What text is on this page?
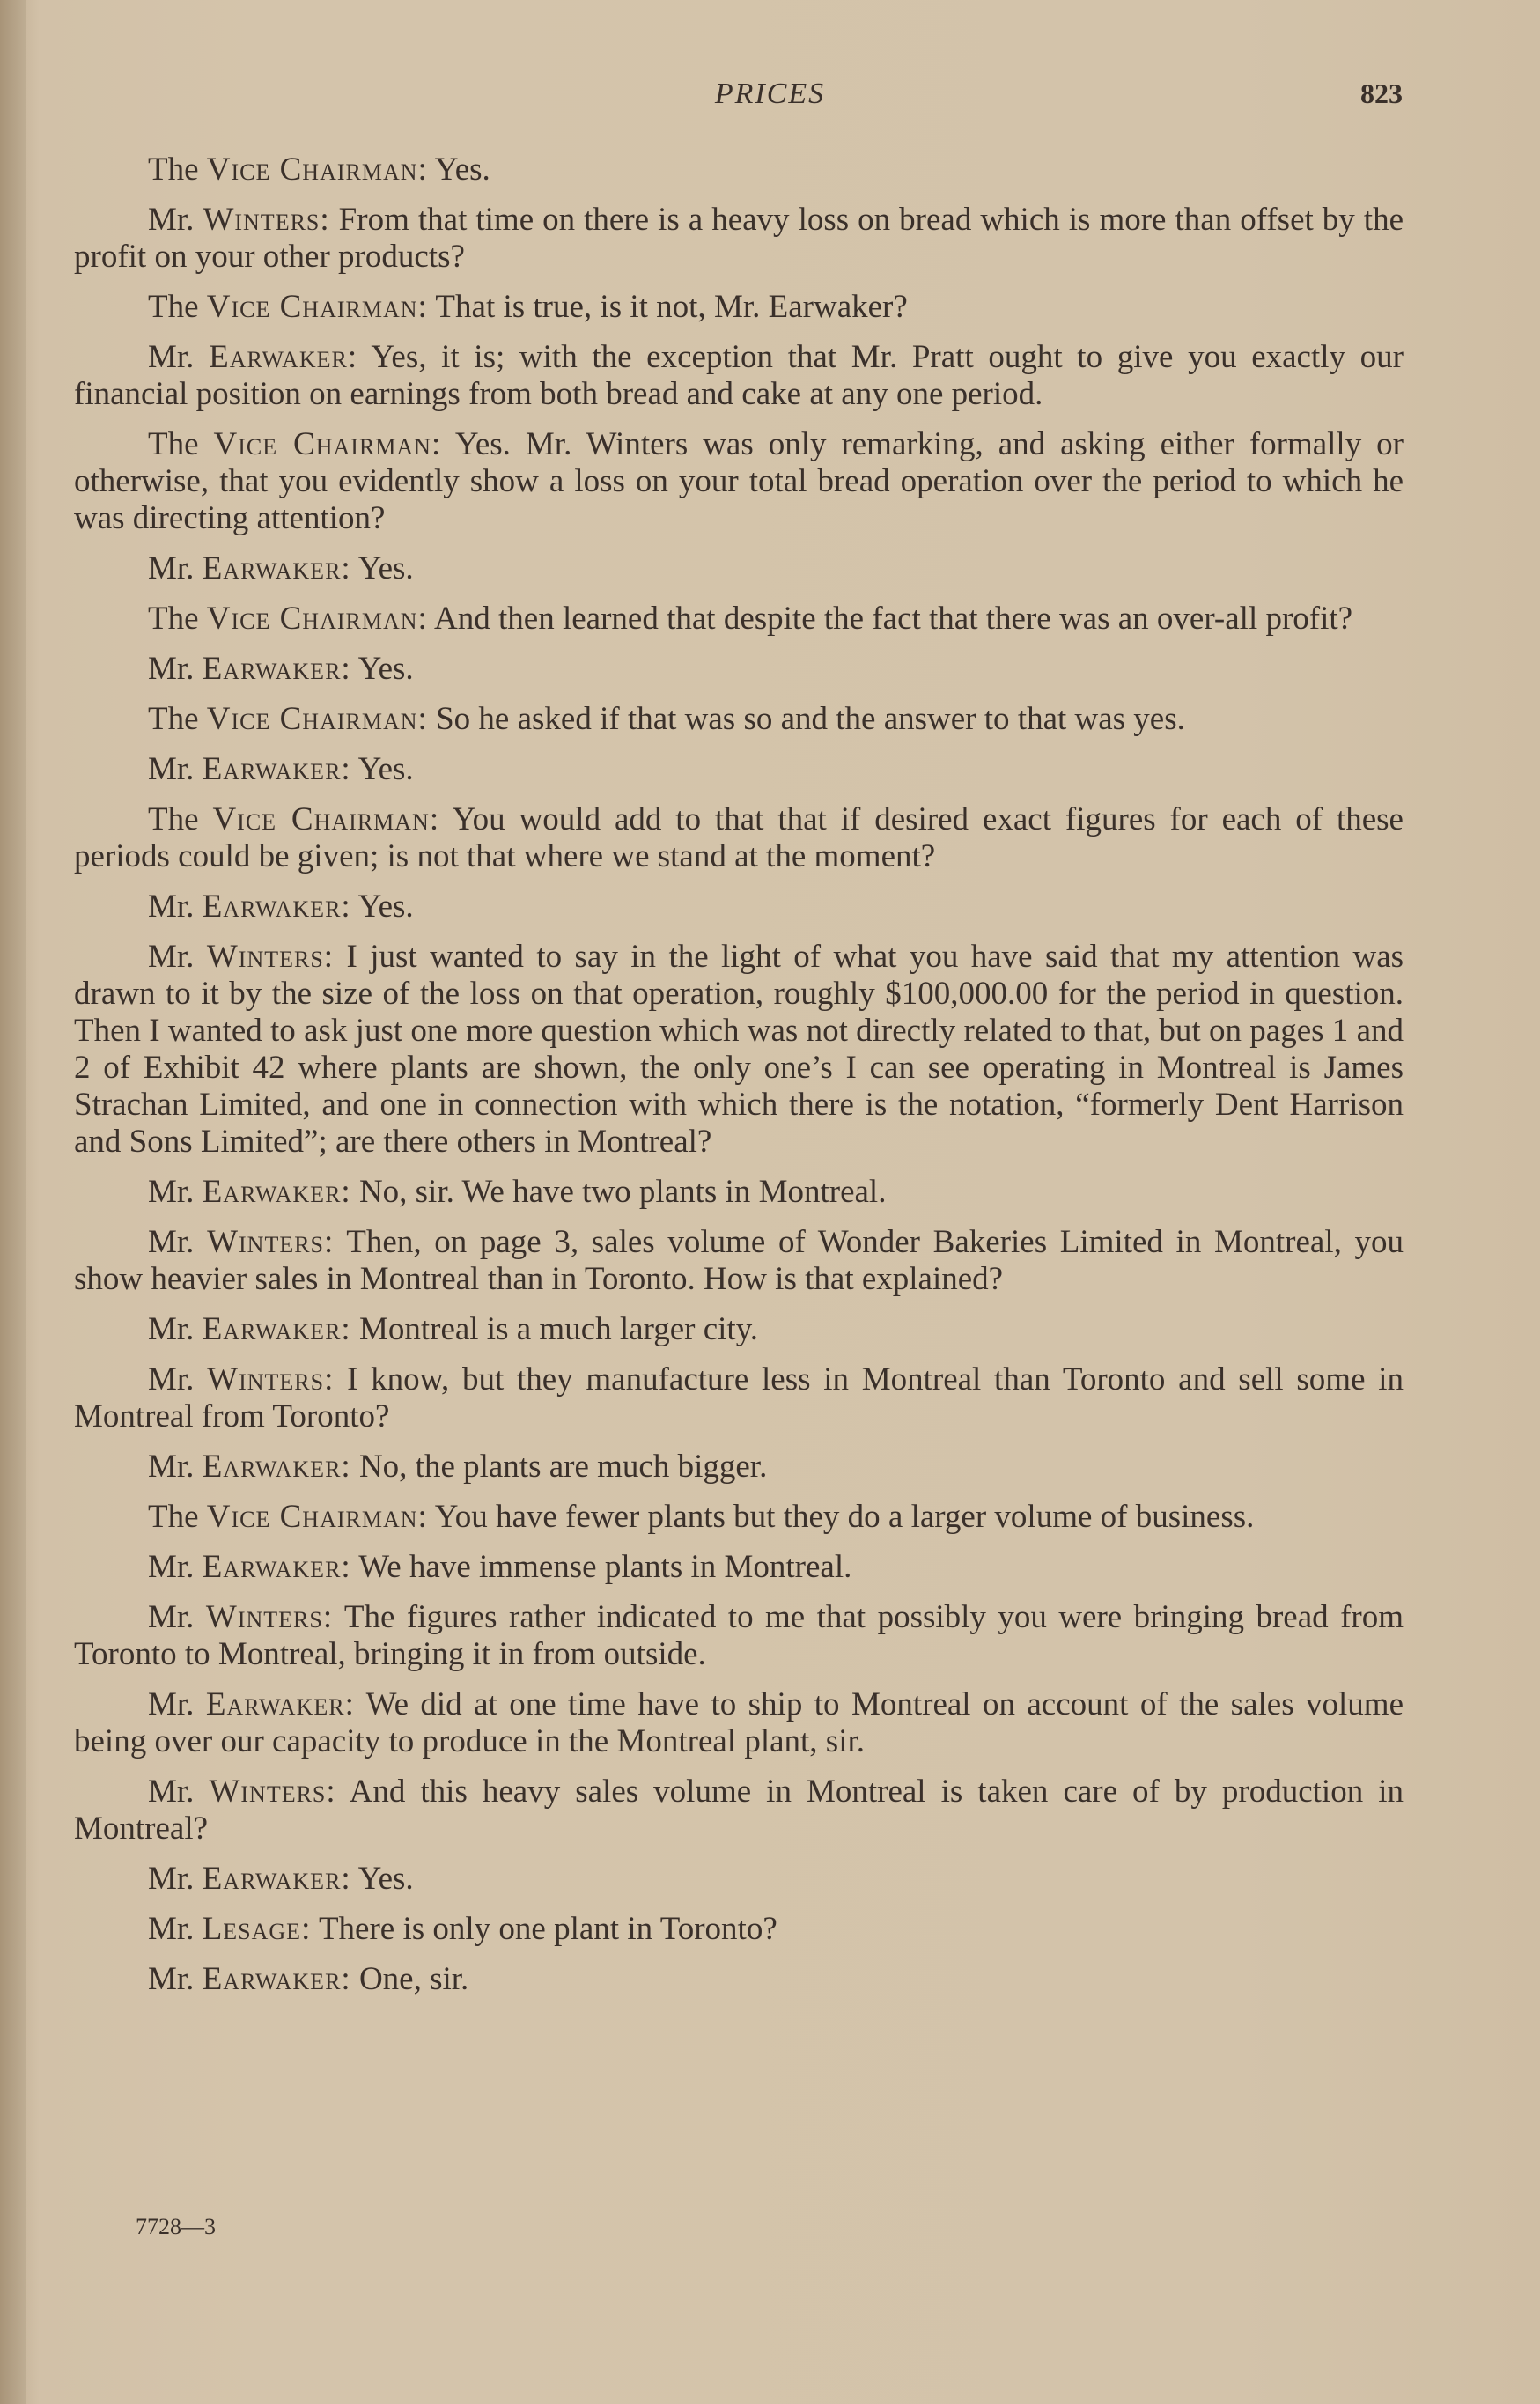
PRICES	823

The Vice Chairman: Yes.

Mr. Winters: From that time on there is a heavy loss on bread which is more than offset by the profit on your other products?

The Vice Chairman: That is true, is it not, Mr. Earwaker?

Mr. Earwaker: Yes, it is; with the exception that Mr. Pratt ought to give you exactly our financial position on earnings from both bread and cake at any one period.

The Vice Chairman: Yes. Mr. Winters was only remarking, and asking either formally or otherwise, that you evidently show a loss on your total bread operation over the period to which he was directing attention?

Mr. Earwaker: Yes.

The Vice Chairman: And then learned that despite the fact that there was an over-all profit?

Mr. Earwaker: Yes.

The Vice Chairman: So he asked if that was so and the answer to that was yes.

Mr. Earwaker: Yes.

The Vice Chairman: You would add to that that if desired exact figures for each of these periods could be given; is not that where we stand at the moment?

Mr. Earwaker: Yes.

Mr. Winters: I just wanted to say in the light of what you have said that my attention was drawn to it by the size of the loss on that operation, roughly $100,000.00 for the period in question. Then I wanted to ask just one more question which was not directly related to that, but on pages 1 and 2 of Exhibit 42 where plants are shown, the only one’s I can see operating in Montreal is James Strachan Limited, and one in connection with which there is the notation, “formerly Dent Harrison and Sons Limited”; are there others in Montreal?

Mr. Earwaker: No, sir. We have two plants in Montreal.

Mr. Winters: Then, on page 3, sales volume of Wonder Bakeries Limited in Montreal, you show heavier sales in Montreal than in Toronto. How is that explained?

Mr. Earwaker: Montreal is a much larger city.

Mr. Winters: I know, but they manufacture less in Montreal than Toronto and sell some in Montreal from Toronto?

Mr. Earwaker: No, the plants are much bigger.

The Vice Chairman: You have fewer plants but they do a larger volume of business.

Mr. Earwaker: We have immense plants in Montreal.

Mr. Winters: The figures rather indicated to me that possibly you were bringing bread from Toronto to Montreal, bringing it in from outside.

Mr. Earwaker: We did at one time have to ship to Montreal on account of the sales volume being over our capacity to produce in the Montreal plant, sir.

Mr. Winters: And this heavy sales volume in Montreal is taken care of by production in Montreal?

Mr. Earwaker: Yes.

Mr. Lesage: There is only one plant in Toronto?

Mr. Earwaker: One, sir.

7728—3
